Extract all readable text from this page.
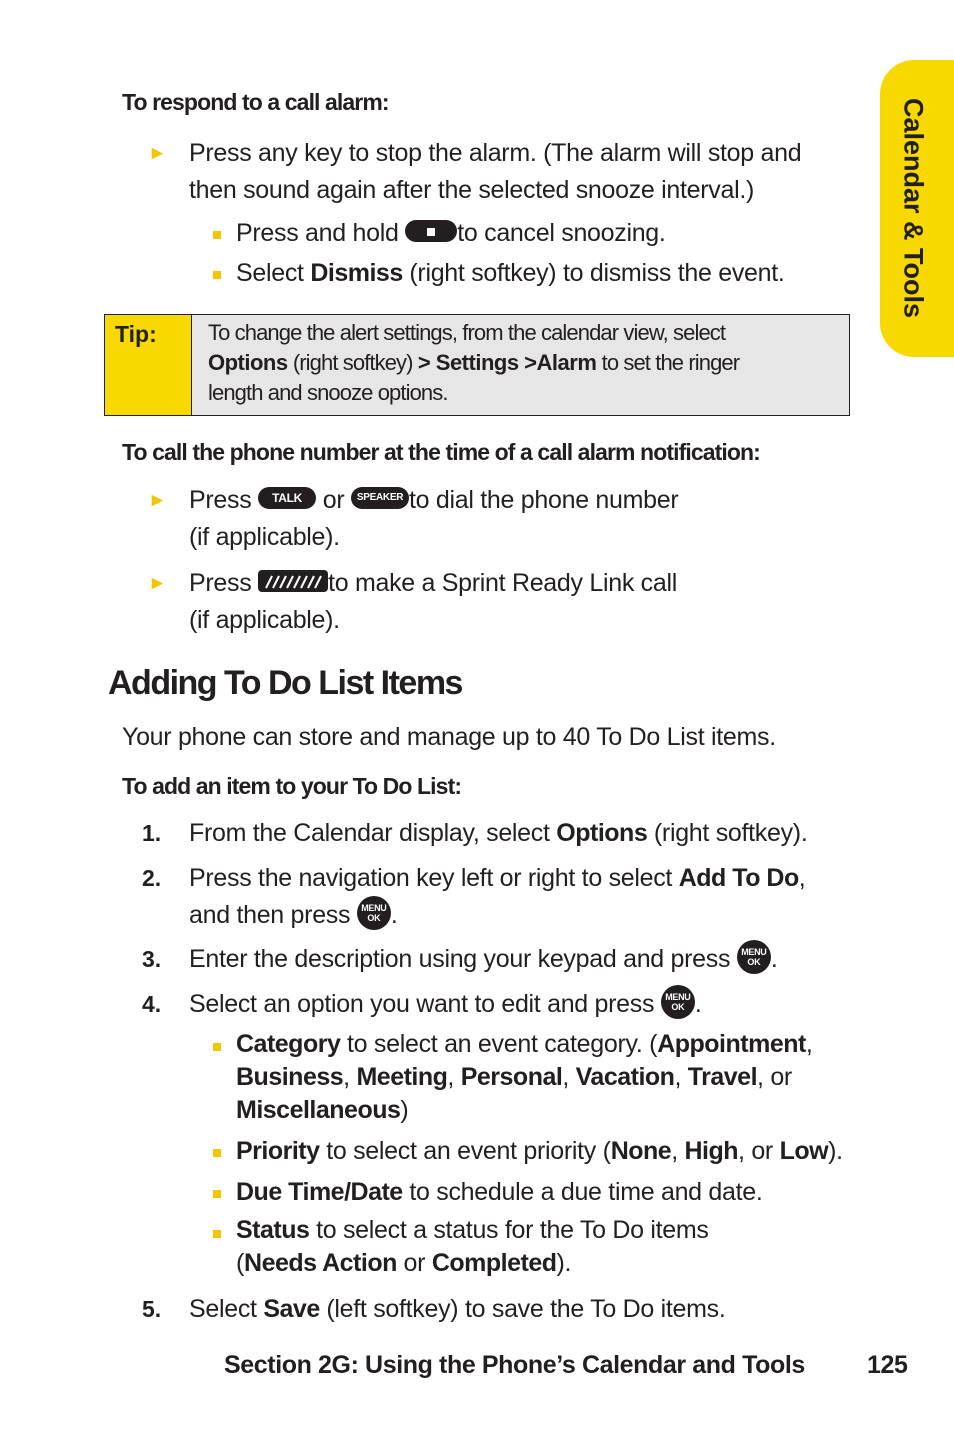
Calendar & Tools
To respond to a call alarm:
► Press any key to stop the alarm. (The alarm will stop and
then sound again after the selected snooze interval.)
Press and hold to cancel snoozing.
Select Dismiss (right softkey) to dismiss the event.
Tip: To change the alert settings, from the calendar view, select
Options (right softkey) > Settings >Alarm to set the ringer
length and snooze options.
To call the phone number at the time of a call alarm notification:
► Press TALK or SPEAKER to dial the phone number
(if applicable).
► Press	to make a Sprint Ready Link call
(if applicable).
Adding To Do List Items
Your phone can store and manage up to 40 To Do List items.
To add an item to your To Do List:
1. From the Calendar display, select Options (right softkey).
2. Press the navigation key left or right to select Add To Do,
and then press	MENU
OK .
3. Enter the description using your keypad and press	MENU
OK .
4. Select an option you want to edit and press	MENU
OK .
Category to select an event category. (Appointment, Business, Meeting, Personal, Vacation, Travel, or Miscellaneous)
Priority to select an event priority (None, High, or Low).
Due Time/Date to schedule a due time and date.
Status to select a status for the To Do items
(Needs Action or Completed).
5. Select Save (left softkey) to save the To Do items.
Section 2G: Using the Phone’s Calendar and Tools 125
